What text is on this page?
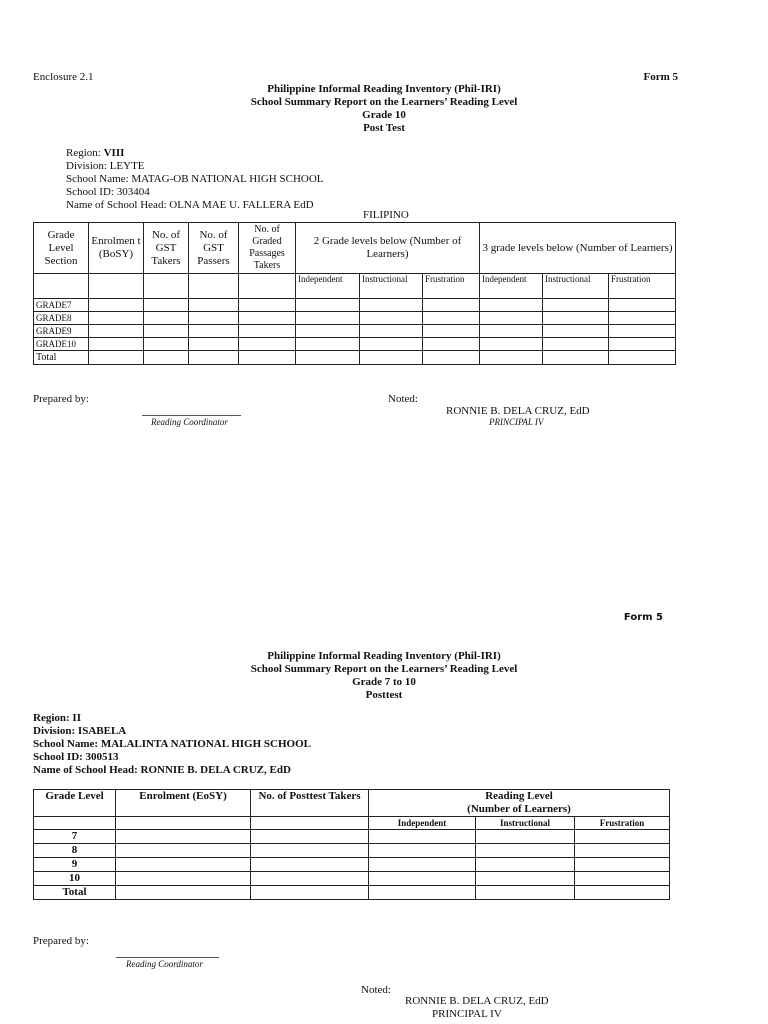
Enclosure 2.1	Form 5
Philippine Informal Reading Inventory (Phil-IRI)
School Summary Report on the Learners’ Reading Level
Grade 10
Post Test
Region: VIII
Division: LEYTE
School Name: MATAG-OB NATIONAL HIGH SCHOOL
School ID: 303404
Name of School Head: OLNA MAE U. FALLERA EdD
FILIPINO
Grade Level Section	Enrolmen t (BoSY)	No. of GST Takers	No. of GST Passers	No. of Graded Passages Takers	2 Grade levels below (Number of Learners)			3 grade levels below (Number of Learners)		
					Independent	Instructional	Frustration	Independent	Instructional	Frustration
GRADE7										
GRADE8										
GRADE9										
GRADE10										
Total										
Prepared by:
Reading Coordinator
Noted:
RONNIE B. DELA CRUZ, EdD
PRINCIPAL IV
Form 5
Philippine Informal Reading Inventory (Phil-IRI)
School Summary Report on the Learners’ Reading Level
Grade 7 to 10
Posttest
Region: II
Division: ISABELA
School Name: MALALINTA NATIONAL HIGH SCHOOL
School ID: 300513
Name of School Head: RONNIE B. DELA CRUZ, EdD
Grade Level	Enrolment (EoSY)	No. of Posttest Takers	Reading Level
(Number of Learners)		

			Independent	Instructional	Frustration
7					
8					
9					
10					
Total					
Prepared by:
Reading Coordinator
Noted:
RONNIE B. DELA CRUZ, EdD
PRINCIPAL IV
